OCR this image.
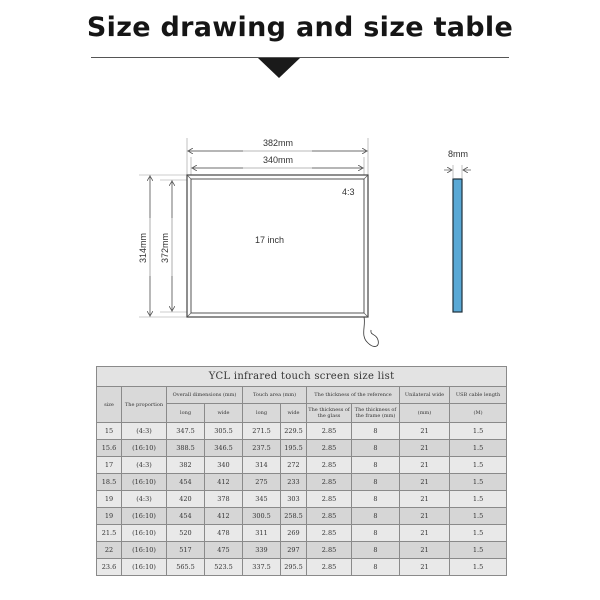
Size drawing and size table
382mm
340mm
314mm 372mm
4:3
17 inch
8mm
YCL infrared touch screen size list									
size	The proportion	Overall dimensions (mm)		Touch area (mm)		The thickness of the reference		Unilateral wide	USB cable length
		long	wide	long	wide	The thickness of the glass	The thickness of the frame (mm)	(mm)	(M)
15	(4:3)	347.5	305.5	271.5	229.5	2.85	8	21	1.5
15.6	(16:10)	388.5	346.5	237.5	195.5	2.85	8	21	1.5
17	(4:3)	382	340	314	272	2.85	8	21	1.5
18.5	(16:10)	454	412	275	233	2.85	8	21	1.5
19	(4:3)	420	378	345	303	2.85	8	21	1.5
19	(16:10)	454	412	300.5	258.5	2.85	8	21	1.5
21.5	(16:10)	520	478	311	269	2.85	8	21	1.5
22	(16:10)	517	475	339	297	2.85	8	21	1.5
23.6	(16:10)	565.5	523.5	337.5	295.5	2.85	8	21	1.5
